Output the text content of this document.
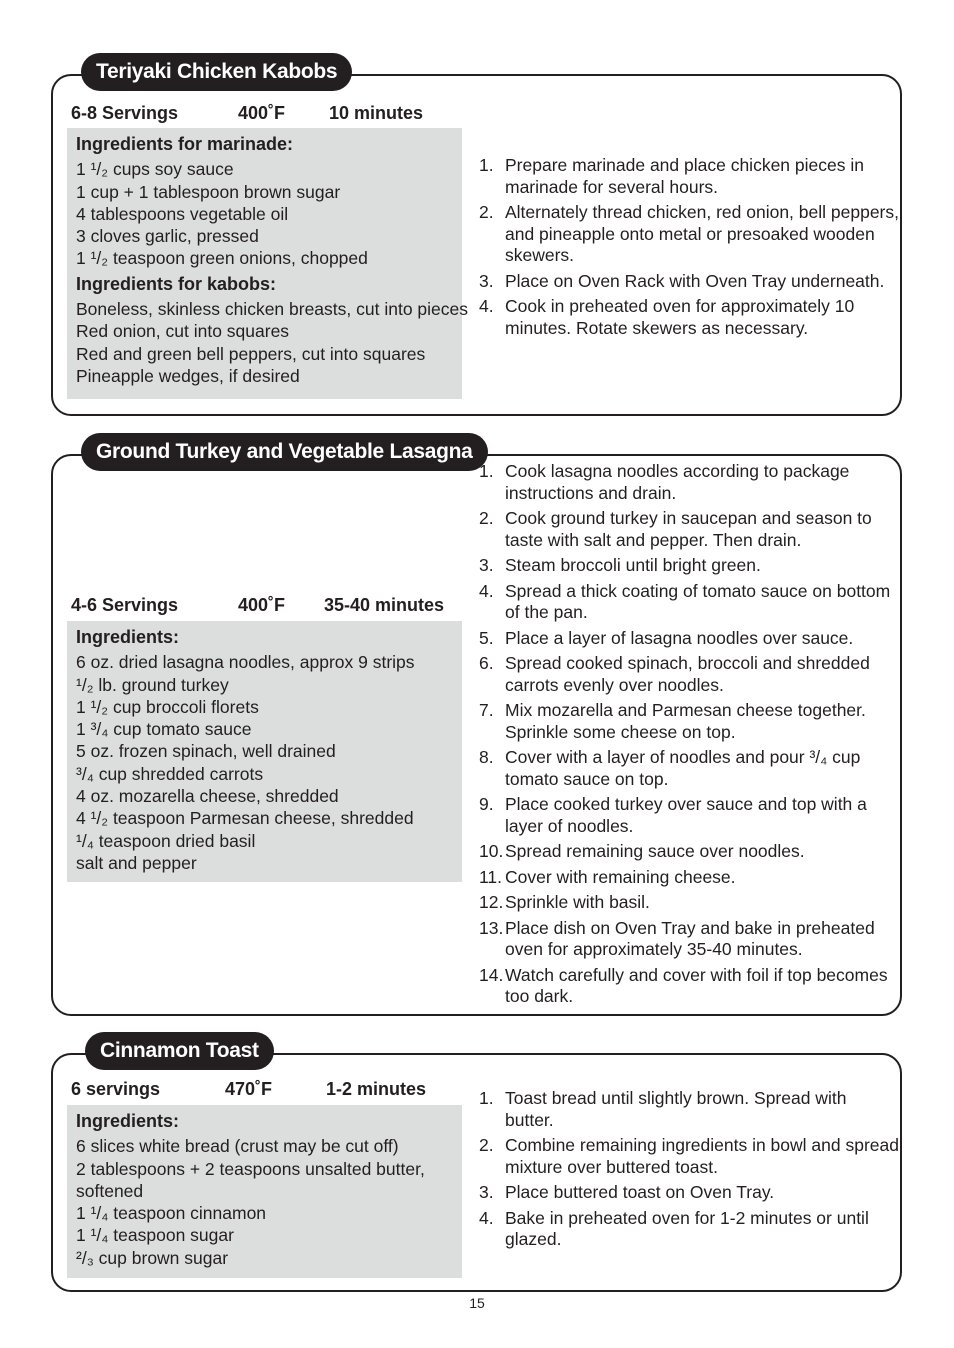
Teriyaki Chicken Kabobs
6-8 Servings	400˚F 10 minutes
Ingredients for marinade:
1 ¹/₂ cups soy sauce
1 cup + 1 tablespoon brown sugar
4 tablespoons vegetable oil
3 cloves garlic, pressed
1 ¹/₂ teaspoon green onions, chopped
Ingredients for kabobs:
Boneless, skinless chicken breasts, cut into pieces
Red onion, cut into squares
Red and green bell peppers, cut into squares
Pineapple wedges, if desired
1. Prepare marinade and place chicken pieces in marinade for several hours.
2. Alternately thread chicken, red onion, bell peppers, and pineapple onto metal or presoaked wooden skewers.
3. Place on Oven Rack with Oven Tray underneath.
4. Cook in preheated oven for approximately 10 minutes. Rotate skewers as necessary.
Ground Turkey and Vegetable Lasagna
4-6 Servings	400˚F 35-40 minutes
Ingredients:
6 oz. dried lasagna noodles, approx 9 strips
¹/₂ lb. ground turkey
1 ¹/₂ cup broccoli florets
1 ³/₄ cup tomato sauce
5 oz. frozen spinach, well drained
³/₄ cup shredded carrots
4 oz. mozarella cheese, shredded
4 ¹/₂ teaspoon Parmesan cheese, shredded
¹/₄ teaspoon dried basil
salt and pepper
1. Cook lasagna noodles according to package instructions and drain.
2. Cook ground turkey in saucepan and season to taste with salt and pepper. Then drain.
3. Steam broccoli until bright green.
4. Spread a thick coating of tomato sauce on bottom of the pan.
5. Place a layer of lasagna noodles over sauce.
6. Spread cooked spinach, broccoli and shredded carrots evenly over noodles.
7. Mix mozarella and Parmesan cheese together. Sprinkle some cheese on top.
8. Cover with a layer of noodles and pour ³/₄ cup tomato sauce on top.
9. Place cooked turkey over sauce and top with a layer of noodles.
10. Spread remaining sauce over noodles.
11. Cover with remaining cheese.
12. Sprinkle with basil.
13. Place dish on Oven Tray and bake in preheated oven for approximately 35-40 minutes.
14. Watch carefully and cover with foil if top becomes too dark.
Cinnamon Toast
6 servings	470˚F	1-2 minutes
Ingredients:
6 slices white bread (crust may be cut off)
2 tablespoons + 2 teaspoons unsalted butter,
softened
1 ¹/₄ teaspoon cinnamon
1 ¹/₄ teaspoon sugar
²/₃ cup brown sugar
1. Toast bread until slightly brown. Spread with butter.
2. Combine remaining ingredients in bowl and spread mixture over buttered toast.
3. Place buttered toast on Oven Tray.
4. Bake in preheated oven for 1-2 minutes or until glazed.
15
